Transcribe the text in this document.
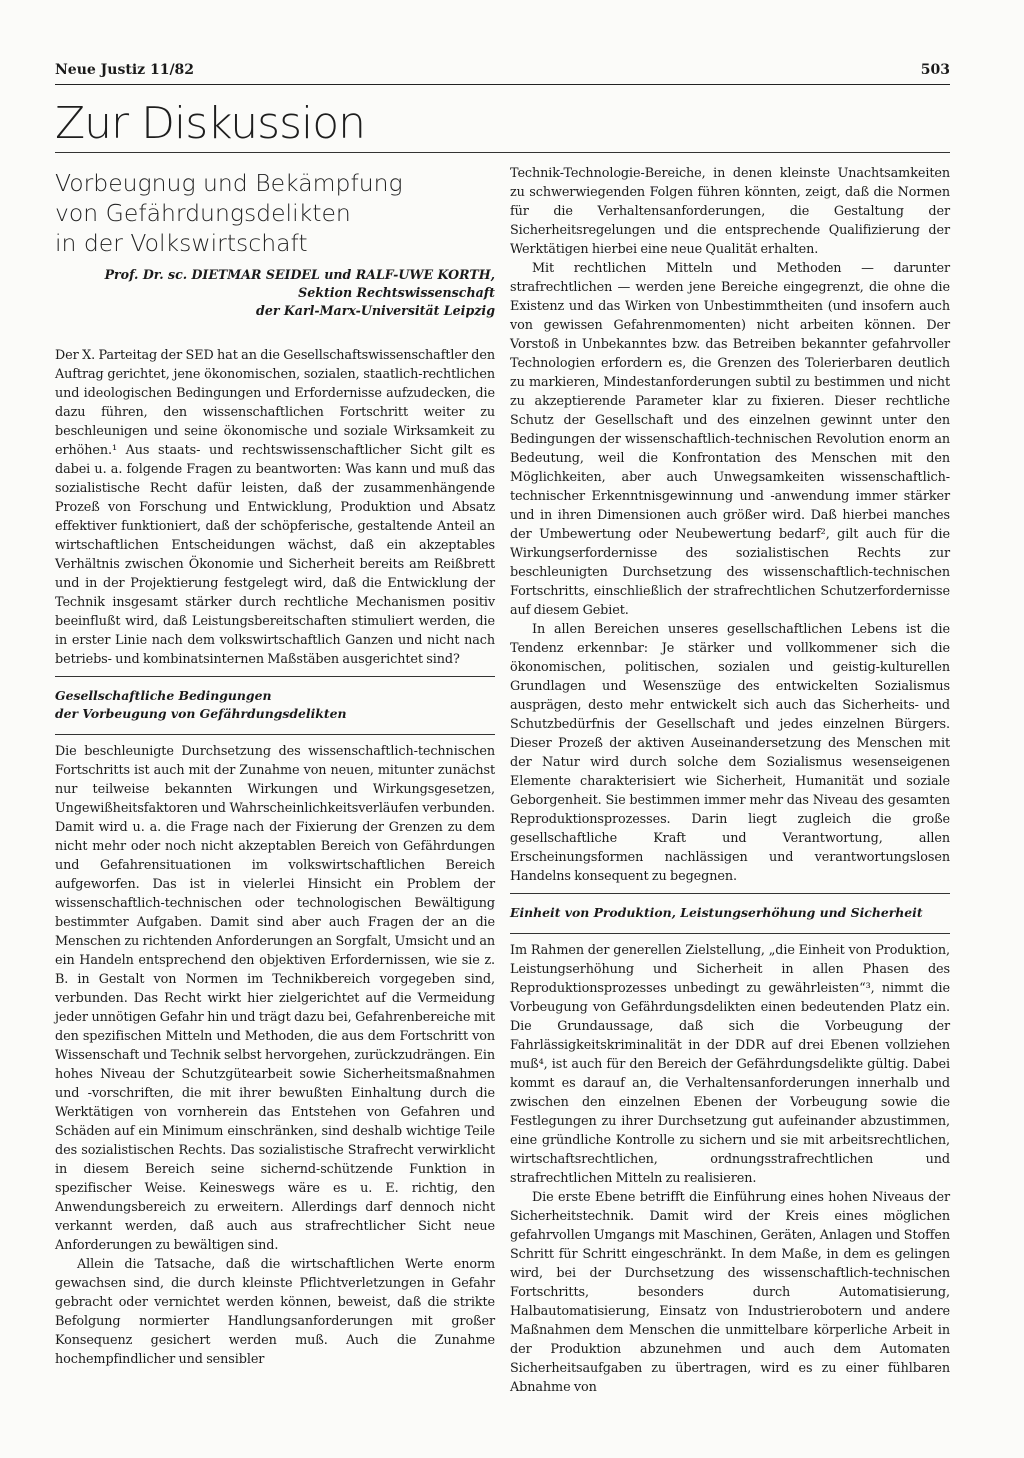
Neue Justiz 11/82	503
Zur Diskussion
Vorbeugnug und Bekämpfung
von Gefährdungsdelikten
in der Volkswirtschaft
Prof. Dr. sc. DIETMAR SEIDEL und RALF-UWE KORTH,
Sektion Rechtswissenschaft
der Karl-Marx-Universität Leipzig

Der X. Parteitag der SED hat an die Gesellschaftswissenschaftler den Auftrag gerichtet, jene ökonomischen, sozialen, staatlich-rechtlichen und ideologischen Bedingungen und Erfordernisse aufzudecken, die dazu führen, den wissenschaftlichen Fortschritt weiter zu beschleunigen und seine ökonomische und soziale Wirksamkeit zu erhöhen.¹ Aus staats- und rechtswissenschaftlicher Sicht gilt es dabei u. a. folgende Fragen zu beantworten: Was kann und muß das sozialistische Recht dafür leisten, daß der zusammenhängende Prozeß von Forschung und Entwicklung, Produktion und Absatz effektiver funktioniert, daß der schöpferische, gestaltende Anteil an wirtschaftlichen Entscheidungen wächst, daß ein akzeptables Verhältnis zwischen Ökonomie und Sicherheit bereits am Reißbrett und in der Projektierung festgelegt wird, daß die Entwicklung der Technik insgesamt stärker durch rechtliche Mechanismen positiv beeinflußt wird, daß Leistungsbereitschaften stimuliert werden, die in erster Linie nach dem volkswirtschaftlich Ganzen und nicht nach betriebs- und kombinatsinternen Maßstäben ausgerichtet sind?

Gesellschaftliche Bedingungen
der Vorbeugung von Gefährdungsdelikten

Die beschleunigte Durchsetzung des wissenschaftlich-technischen Fortschritts ist auch mit der Zunahme von neuen, mitunter zunächst nur teilweise bekannten Wirkungen und Wirkungsgesetzen, Ungewißheitsfaktoren und Wahrscheinlichkeitsverläufen verbunden. Damit wird u. a. die Frage nach der Fixierung der Grenzen zu dem nicht mehr oder noch nicht akzeptablen Bereich von Gefährdungen und Gefahrensituationen im volkswirtschaftlichen Bereich aufgeworfen. Das ist in vielerlei Hinsicht ein Problem der wissenschaftlich-technischen oder technologischen Bewältigung bestimmter Aufgaben. Damit sind aber auch Fragen der an die Menschen zu richtenden Anforderungen an Sorgfalt, Umsicht und an ein Handeln entsprechend den objektiven Erfordernissen, wie sie z. B. in Gestalt von Normen im Technikbereich vorgegeben sind, verbunden. Das Recht wirkt hier zielgerichtet auf die Vermeidung jeder unnötigen Gefahr hin und trägt dazu bei, Gefahrenbereiche mit den spezifischen Mitteln und Methoden, die aus dem Fortschritt von Wissenschaft und Technik selbst hervorgehen, zurückzudrängen. Ein hohes Niveau der Schutzgütearbeit sowie Sicherheitsmaßnahmen und -vorschriften, die mit ihrer bewußten Einhaltung durch die Werktätigen von vornherein das Entstehen von Gefahren und Schäden auf ein Minimum einschränken, sind deshalb wichtige Teile des sozialistischen Rechts. Das sozialistische Strafrecht verwirklicht in diesem Bereich seine sichernd-schützende Funktion in spezifischer Weise. Keineswegs wäre es u. E. richtig, den Anwendungsbereich zu erweitern. Allerdings darf dennoch nicht verkannt werden, daß auch aus strafrechtlicher Sicht neue Anforderungen zu bewältigen sind.

Allein die Tatsache, daß die wirtschaftlichen Werte enorm gewachsen sind, die durch kleinste Pflichtverletzungen in Gefahr gebracht oder vernichtet werden können, beweist, daß die strikte Befolgung normierter Handlungsanforderungen mit großer Konsequenz gesichert werden muß. Auch die Zunahme hochempfindlicher und sensibler

Technik-Technologie-Bereiche, in denen kleinste Unachtsamkeiten zu schwerwiegenden Folgen führen könnten, zeigt, daß die Normen für die Verhaltensanforderungen, die Gestaltung der Sicherheitsregelungen und die entsprechende Qualifizierung der Werktätigen hierbei eine neue Qualität erhalten.

Mit rechtlichen Mitteln und Methoden — darunter strafrechtlichen — werden jene Bereiche eingegrenzt, die ohne die Existenz und das Wirken von Unbestimmtheiten (und insofern auch von gewissen Gefahrenmomenten) nicht arbeiten können. Der Vorstoß in Unbekanntes bzw. das Betreiben bekannter gefahrvoller Technologien erfordern es, die Grenzen des Tolerierbaren deutlich zu markieren, Mindestanforderungen subtil zu bestimmen und nicht zu akzeptierende Parameter klar zu fixieren. Dieser rechtliche Schutz der Gesellschaft und des einzelnen gewinnt unter den Bedingungen der wissenschaftlich-technischen Revolution enorm an Bedeutung, weil die Konfrontation des Menschen mit den Möglichkeiten, aber auch Unwegsamkeiten wissenschaftlich-technischer Erkenntnisgewinnung und -anwendung immer stärker und in ihren Dimensionen auch größer wird. Daß hierbei manches der Umbewertung oder Neubewertung bedarf², gilt auch für die Wirkungserfordernisse des sozialistischen Rechts zur beschleunigten Durchsetzung des wissenschaftlich-technischen Fortschritts, einschließlich der strafrechtlichen Schutzerfordernisse auf diesem Gebiet.

In allen Bereichen unseres gesellschaftlichen Lebens ist die Tendenz erkennbar: Je stärker und vollkommener sich die ökonomischen, politischen, sozialen und geistig-kulturellen Grundlagen und Wesenszüge des entwickelten Sozialismus ausprägen, desto mehr entwickelt sich auch das Sicherheits- und Schutzbedürfnis der Gesellschaft und jedes einzelnen Bürgers. Dieser Prozeß der aktiven Auseinandersetzung des Menschen mit der Natur wird durch solche dem Sozialismus wesenseigenen Elemente charakterisiert wie Sicherheit, Humanität und soziale Geborgenheit. Sie bestimmen immer mehr das Niveau des gesamten Reproduktionsprozesses. Darin liegt zugleich die große gesellschaftliche Kraft und Verantwortung, allen Erscheinungsformen nachlässigen und verantwortungslosen Handelns konsequent zu begegnen.

Einheit von Produktion, Leistungserhöhung und Sicherheit

Im Rahmen der generellen Zielstellung, „die Einheit von Produktion, Leistungserhöhung und Sicherheit in allen Phasen des Reproduktionsprozesses unbedingt zu gewährleisten“³, nimmt die Vorbeugung von Gefährdungsdelikten einen bedeutenden Platz ein. Die Grundaussage, daß sich die Vorbeugung der Fahrlässigkeitskriminalität in der DDR auf drei Ebenen vollziehen muß⁴, ist auch für den Bereich der Gefährdungsdelikte gültig. Dabei kommt es darauf an, die Verhaltensanforderungen innerhalb und zwischen den einzelnen Ebenen der Vorbeugung sowie die Festlegungen zu ihrer Durchsetzung gut aufeinander abzustimmen, eine gründliche Kontrolle zu sichern und sie mit arbeitsrechtlichen, wirtschaftsrechtlichen, ordnungsstrafrechtlichen und strafrechtlichen Mitteln zu realisieren.

Die erste Ebene betrifft die Einführung eines hohen Niveaus der Sicherheitstechnik. Damit wird der Kreis eines möglichen gefahrvollen Umgangs mit Maschinen, Geräten, Anlagen und Stoffen Schritt für Schritt eingeschränkt. In dem Maße, in dem es gelingen wird, bei der Durchsetzung des wissenschaftlich-technischen Fortschritts, besonders durch Automatisierung, Halbautomatisierung, Einsatz von Industrierobotern und andere Maßnahmen dem Menschen die unmittelbare körperliche Arbeit in der Produktion abzunehmen und auch dem Automaten Sicherheitsaufgaben zu übertragen, wird es zu einer fühlbaren Abnahme von
